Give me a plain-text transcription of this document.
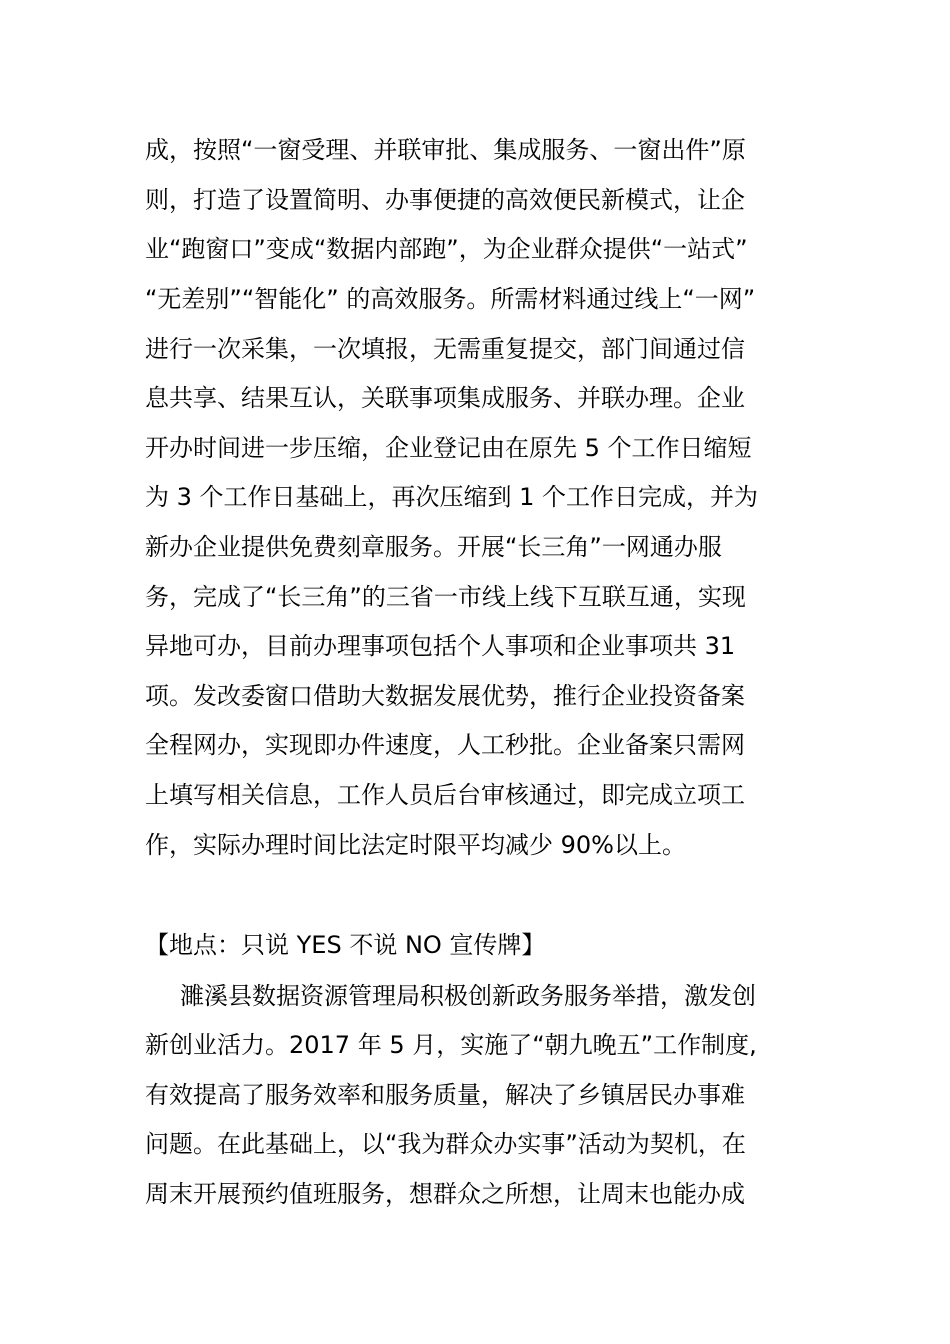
成，按照“一窗受理、并联审批、集成服务、一窗出件”原
则，打造了设置简明、办事便捷的高效便民新模式，让企
业“跑窗口”变成“数据内部跑”，为企业群众提供“一站式”
“无差别”“智能化” 的高效服务。所需材料通过线上“一网”
进行一次采集，一次填报，无需重复提交，部门间通过信
息共享、结果互认，关联事项集成服务、并联办理。企业
开办时间进一步压缩，企业登记由在原先 5 个工作日缩短
为 3 个工作日基础上，再次压缩到 1 个工作日完成，并为
新办企业提供免费刻章服务。开展“长三角”一网通办服
务，完成了“长三角”的三省一市线上线下互联互通，实现
异地可办，目前办理事项包括个人事项和企业事项共 31
项。发改委窗口借助大数据发展优势，推行企业投资备案
全程网办，实现即办件速度，人工秒批。企业备案只需网
上填写相关信息，工作人员后台审核通过，即完成立项工
作，实际办理时间比法定时限平均减少 90%以上。
【地点：只说 YES 不说 NO 宣传牌】
濉溪县数据资源管理局积极创新政务服务举措，激发创
新创业活力。2017 年 5 月，实施了“朝九晚五”工作制度,
有效提高了服务效率和服务质量，解决了乡镇居民办事难
问题。在此基础上，以“我为群众办实事”活动为契机，在
周末开展预约值班服务，想群众之所想，让周末也能办成
